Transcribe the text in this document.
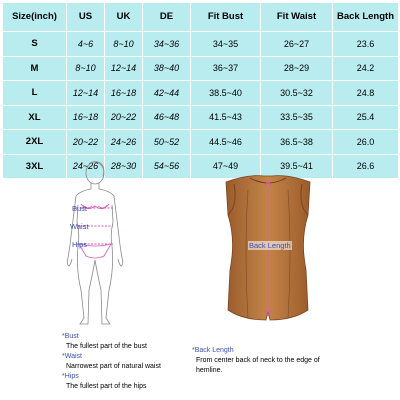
Size(inch)	US	UK	DE	Fit Bust	Fit Waist	Back Length
S	4~6	8~10	34~36	34~35	26~27	23.6
M	8~10	12~14	38~40	36~37	28~29	24.2
L	12~14	16~18	42~44	38.5~40	30.5~32	24.8
XL	16~18	20~22	46~48	41.5~43	33.5~35	25.4
2XL	20~22	24~26	50~52	44.5~46	36.5~38	26.0
3XL	24~26	28~30	54~56	47~49	39.5~41	26.6
Bust
Waist
Hips	Back Length
*Bust
The fullest part of the bust
*Waist
Narrowest part of natural waist
*Hips
The fullest part of the hips
*Back Length
From center back of neck to the edge of
hemline.
